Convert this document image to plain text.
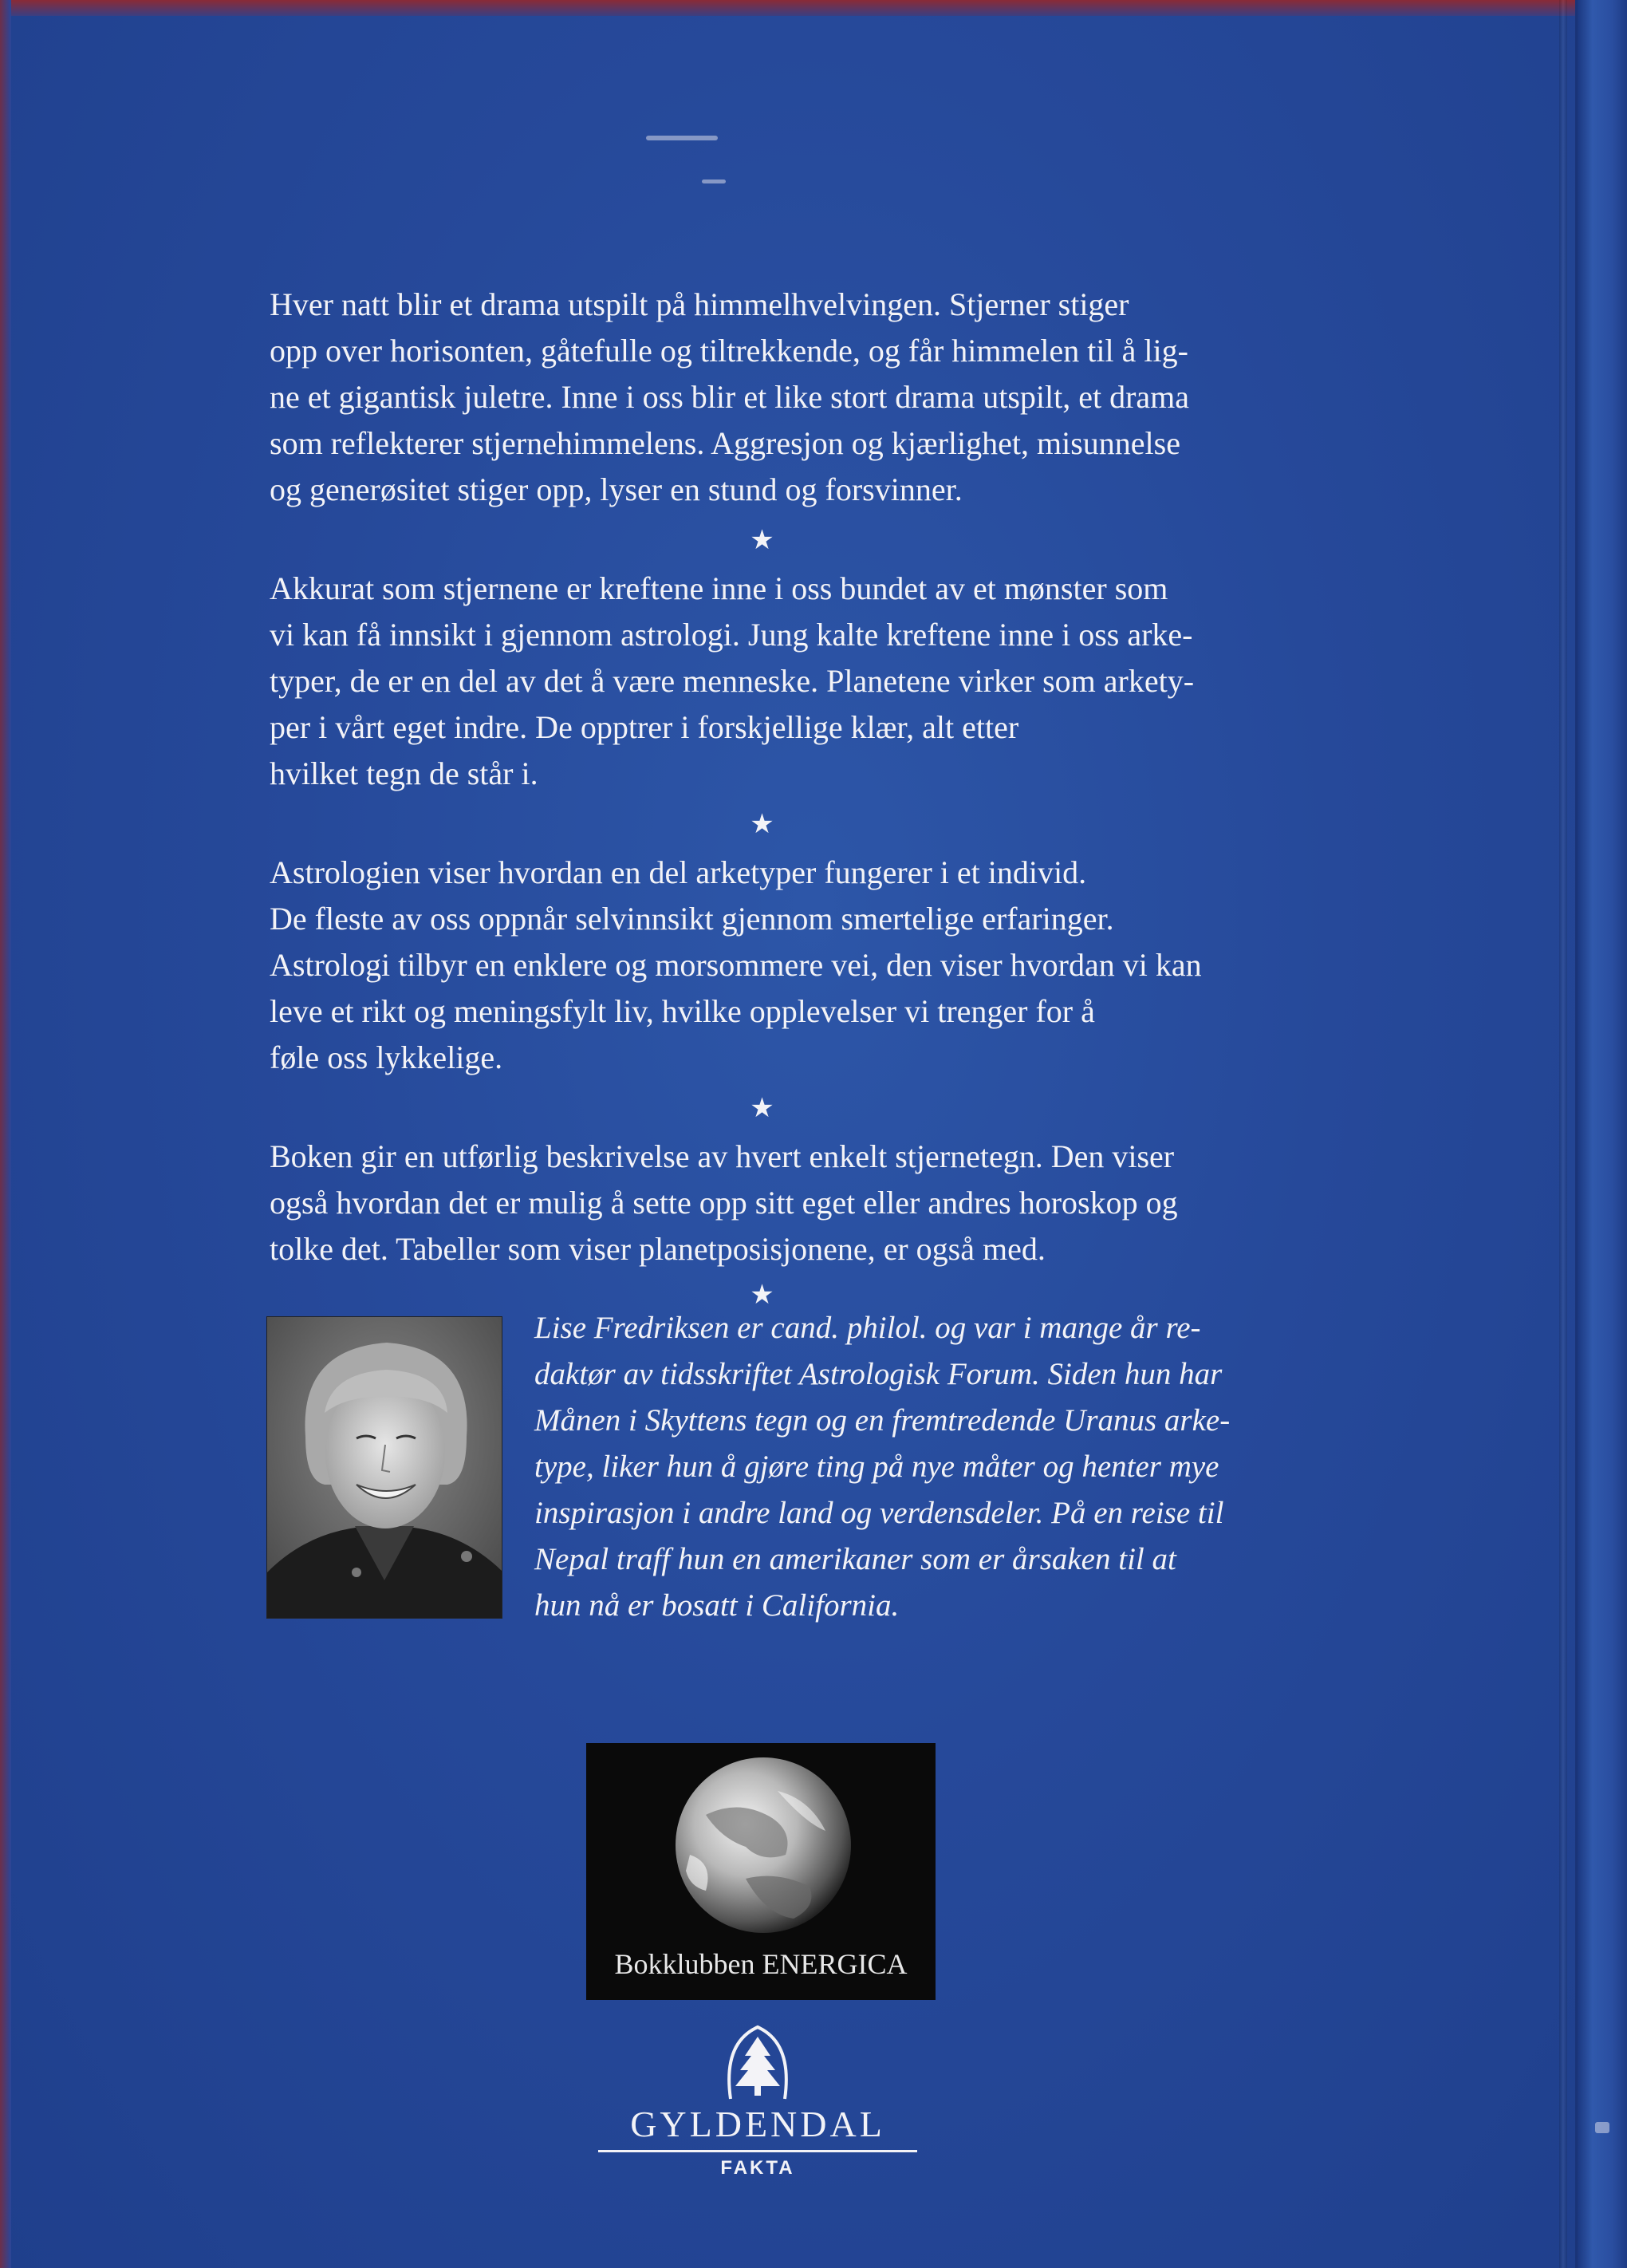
Hver natt blir et drama utspilt på himmelhvelvingen. Stjerner stiger
opp over horisonten, gåtefulle og tiltrekkende, og får himmelen til å lig-
ne et gigantisk juletre. Inne i oss blir et like stort drama utspilt, et drama
som reflekterer stjernehimmelens. Aggresjon og kjærlighet, misunnelse
og generøsitet stiger opp, lyser en stund og forsvinner.

★

Akkurat som stjernene er kreftene inne i oss bundet av et mønster som
vi kan få innsikt i gjennom astrologi. Jung kalte kreftene inne i oss arke-
typer, de er en del av det å være menneske. Planetene virker som arkety-
per i vårt eget indre. De opptrer i forskjellige klær, alt etter
hvilket tegn de står i.

★

Astrologien viser hvordan en del arketyper fungerer i et individ.
De fleste av oss oppnår selvinnsikt gjennom smertelige erfaringer.
Astrologi tilbyr en enklere og morsommere vei, den viser hvordan vi kan
leve et rikt og meningsfylt liv, hvilke opplevelser vi trenger for å
føle oss lykkelige.

★

Boken gir en utførlig beskrivelse av hvert enkelt stjernetegn. Den viser
også hvordan det er mulig å sette opp sitt eget eller andres horoskop og
tolke det. Tabeller som viser planetposisjonene, er også med.

★
Lise Fredriksen er cand. philol. og var i mange år re-
daktør av tidsskriftet Astrologisk Forum. Siden hun har
Månen i Skyttens tegn og en fremtredende Uranus arke-
type, liker hun å gjøre ting på nye måter og henter mye
inspirasjon i andre land og verdensdeler. På en reise til
Nepal traff hun en amerikaner som er årsaken til at
hun nå er bosatt i California.
Bokklubben ENERGICA
GYLDENDAL
FAKTA
